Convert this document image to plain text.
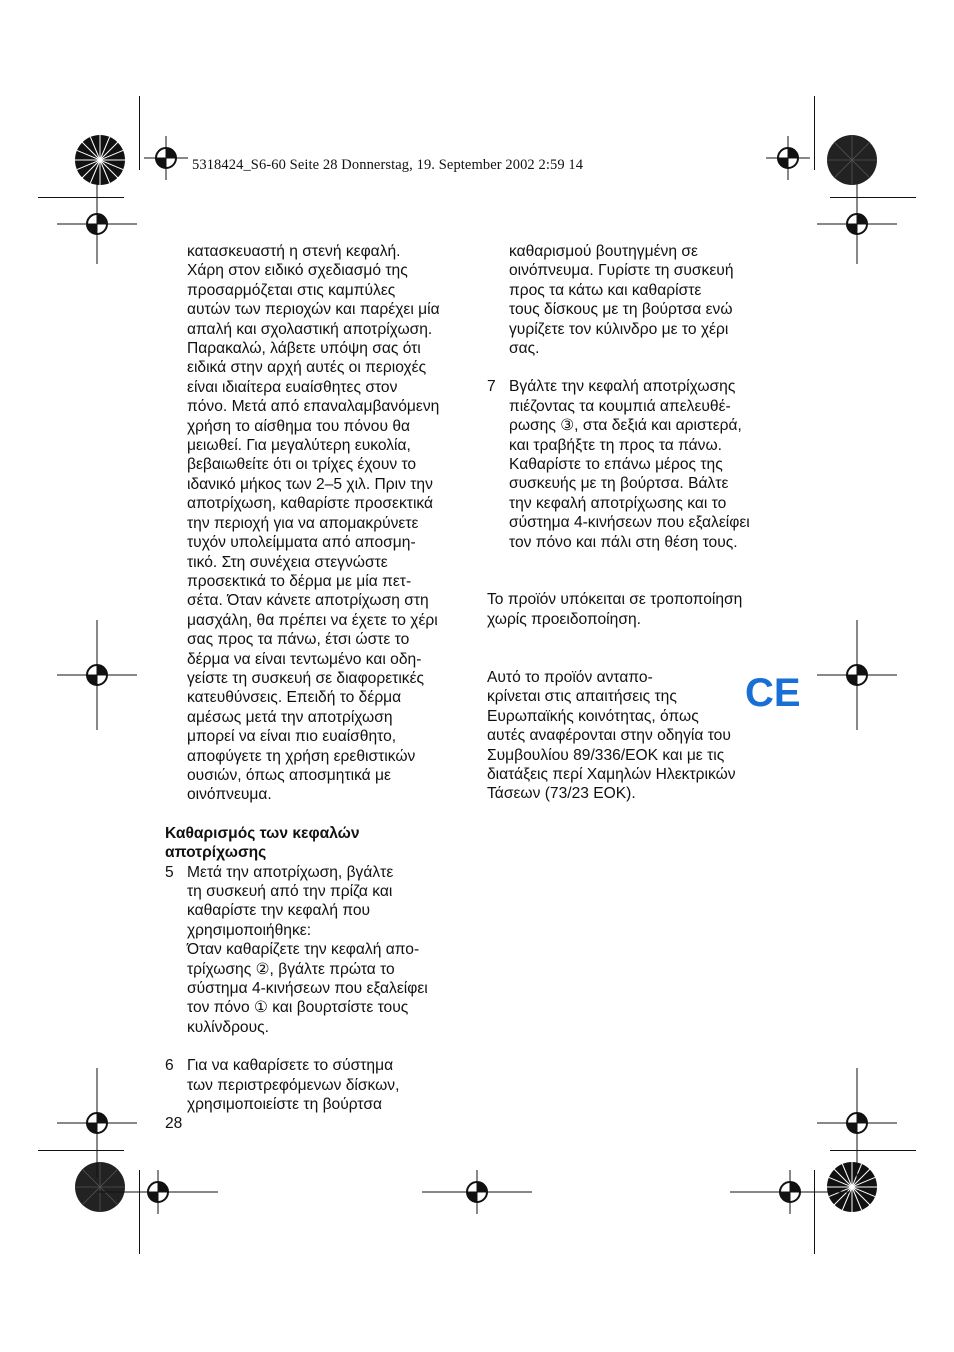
5318424_S6-60 Seite 28 Donnerstag, 19. September 2002 2:59 14

κατασκευαστή η στενή κεφαλή.

Χάρη στον ειδικό σχεδιασμό της

προσαρμόζεται στις καμπύλες

αυτών των περιοχών και παρέχει μία

απαλή και σχολαστική αποτρίχωση.

Παρακαλώ, λάβετε υπόψη σας ότι

ειδικά στην αρχή αυτές οι περιοχές

είναι ιδιαίτερα ευαίσθητες στον

πόνο. Μετά από επαναλαμβανόμενη

χρήση το αίσθημα του πόνου θα

μειωθεί. Για μεγαλύτερη ευκολία,

βεβαιωθείτε ότι οι τρίχες έχουν το

ιδανικό μήκος των 2–5 χιλ. Πριν την

αποτρίχωση, καθαρίστε προσεκτικά

την περιοχή για να απομακρύνετε

τυχόν υπολείμματα από αποσμη-

τικό. Στη συνέχεια στεγνώστε

προσεκτικά το δέρμα με μία πετ-

σέτα. Όταν κάνετε αποτρίχωση στη

μασχάλη, θα πρέπει να έχετε το χέρι

σας προς τα πάνω, έτσι ώστε το

δέρμα να είναι τεντωμένο και οδη-

γείστε τη συσκευή σε διαφορετικές

κατευθύνσεις. Επειδή το δέρμα

αμέσως μετά την αποτρίχωση

μπορεί να είναι πιο ευαίσθητο,

αποφύγετε τη χρήση ερεθιστικών

ουσιών, όπως αποσμητικά με

οινόπνευμα.

Καθαρισμός των κεφαλών

αποτρίχωσης

5 Μετά την αποτρίχωση, βγάλτε

τη συσκευή από την πρίζα και

καθαρίστε την κεφαλή που

χρησιμοποιήθηκε:

Όταν καθαρίζετε την κεφαλή απο-

τρίχωσης ②, βγάλτε πρώτα το

σύστημα 4-κινήσεων που εξαλείφει

τον πόνο ① και βουρτσίστε τους

κυλίνδρους.

6 Για να καθαρίσετε το σύστημα

των περιστρεφόμενων δίσκων,

χρησιμοποιείστε τη βούρτσα

καθαρισμού βουτηγμένη σε

οινόπνευμα. Γυρίστε τη συσκευή

προς τα κάτω και καθαρίστε

τους δίσκους με τη βούρτσα ενώ

γυρίζετε τον κύλινδρο με το χέρι

σας.

7 Βγάλτε την κεφαλή αποτρίχωσης

πιέζοντας τα κουμπιά απελευθέ-

ρωσης ③, στα δεξιά και αριστερά,

και τραβήξτε τη προς τα πάνω.

Καθαρίστε το επάνω μέρος της

συσκευής με τη βούρτσα. Βάλτε

την κεφαλή αποτρίχωσης και το

σύστημα 4-κινήσεων που εξαλείφει

τον πόνο και πάλι στη θέση τους.

Το προϊόν υπόκειται σε τροποποίηση

χωρίς προειδοποίηση.

Αυτό το προϊόν ανταπο-

κρίνεται στις απαιτήσεις της

Ευρωπαϊκής κοινότητας, όπως

αυτές αναφέρονται στην οδηγία του

Συμβουλίου 89/336/ΕΟΚ και με τις

διατάξεις περί Χαμηλών Ηλεκτρικών

Τάσεων (73/23 ΕΟΚ).

CE
28
